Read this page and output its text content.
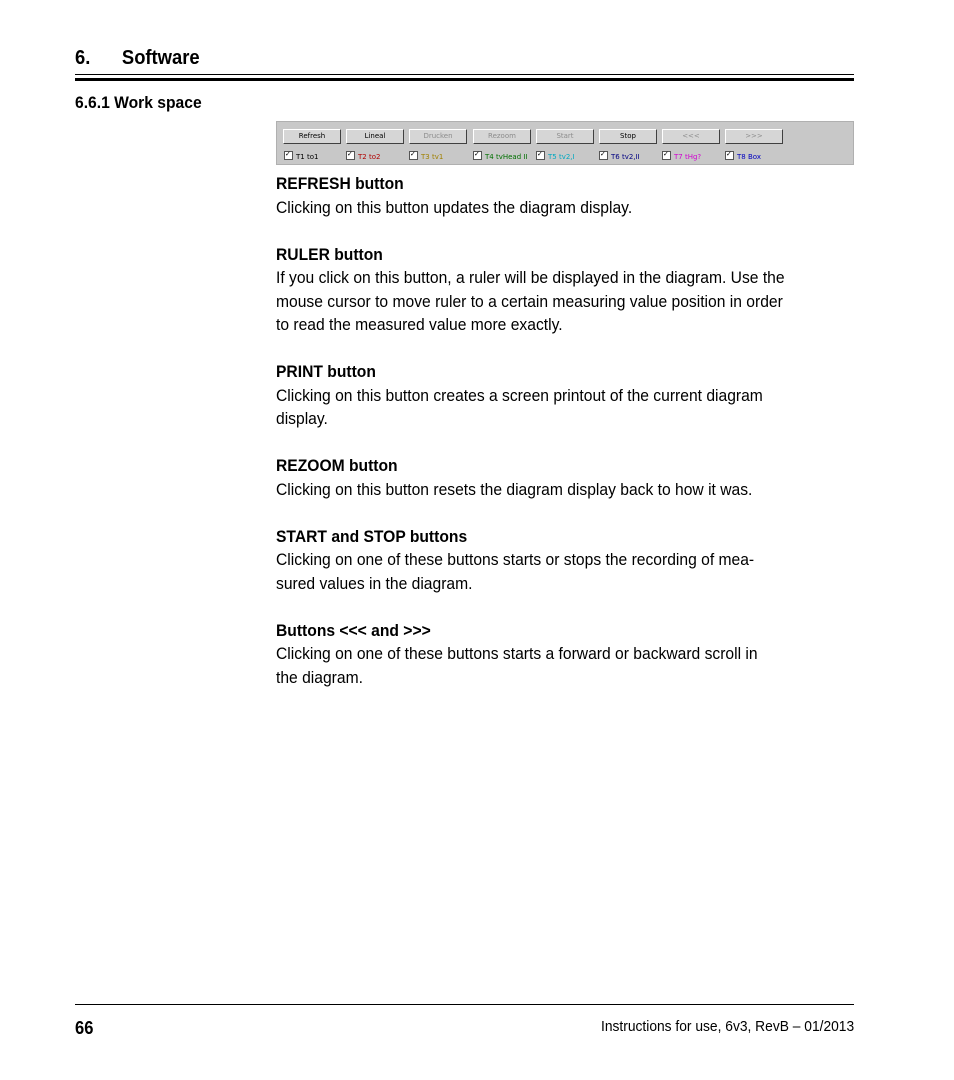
6. Software
6.6.1 Work space
Refresh	Lineal	Drucken	Rezoom	Start	Stop	<<<	>>>
✓T1 to1 ✓	T2 to2 ✓	T3 tv1 ✓	T4 tvHead II ✓	T5 tv2,I ✓	T6 tv2,II ✓	T7 tHg? ✓	T8 Box
REFRESH button
Clicking on this button updates the diagram display.
RULER button
If you click on this button, a ruler will be displayed in the diagram. Use the
mouse cursor to move ruler to a certain measuring value position in order
to read the measured value more exactly.
PRINT button
Clicking on this button creates a screen printout of the current diagram
display.
REZOOM button
Clicking on this button resets the diagram display back to how it was.
START and STOP buttons
Clicking on one of these buttons starts or stops the recording of mea-
sured values in the diagram.
Buttons <<< and >>>
Clicking on one of these buttons starts a forward or backward scroll in
the diagram.
66	Instructions for use, 6v3, RevB – 01/2013
